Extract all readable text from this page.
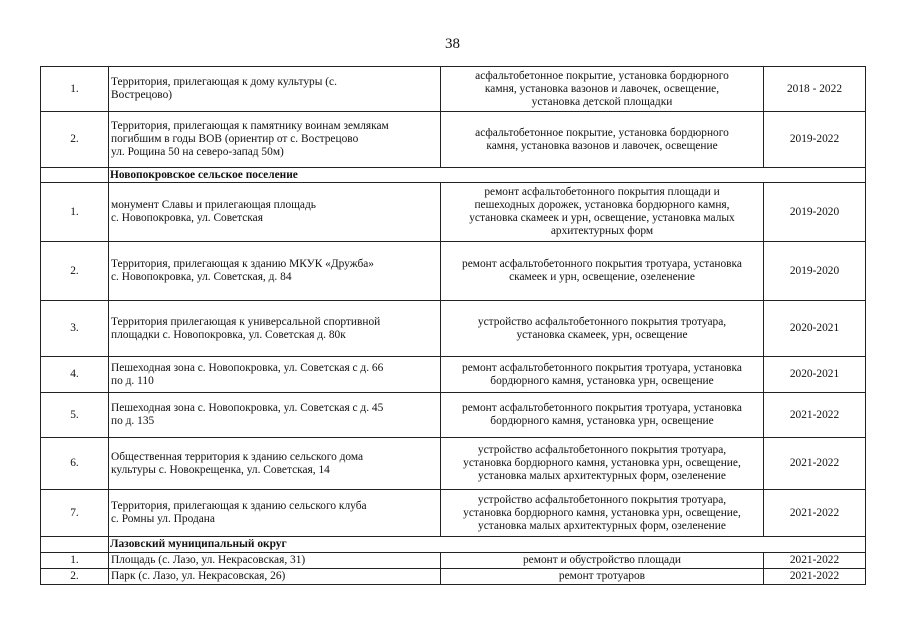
38
1.	Территория, прилегающая к дому культуры (с.
Вострецово)	асфальтобетонное покрытие, установка бордюрного
камня, установка вазонов и лавочек, освещение,
установка детской площадки	2018 - 2022
2.	Территория, прилегающая к памятнику воинам землякам
погибшим в годы ВОВ (ориентир от с. Вострецово
ул. Рощина 50 на северо-запад 50м)	асфальтобетонное покрытие, установка бордюрного
камня, установка вазонов и лавочек, освещение	2019-2022
	Новопокровское сельское поселение		
1.	монумент Славы и прилегающая площадь
с. Новопокровка, ул. Советская	ремонт асфальтобетонного покрытия площади и
пешеходных дорожек, установка бордюрного камня,
установка скамеек и урн, освещение, установка малых
архитектурных форм	2019-2020
2.	Территория, прилегающая к зданию МКУК «Дружба»
с. Новопокровка, ул. Советская, д. 84	ремонт асфальтобетонного покрытия тротуара, установка
скамеек и урн, освещение, озеленение	2019-2020
3.	Территория прилегающая к универсальной спортивной
площадки с. Новопокровка, ул. Советская д. 80к	устройство асфальтобетонного покрытия тротуара,
установка скамеек, урн, освещение	2020-2021
4.	Пешеходная зона с. Новопокровка, ул. Советская с д. 66
по д. 110	ремонт асфальтобетонного покрытия тротуара, установка
бордюрного камня, установка урн, освещение	2020-2021
5.	Пешеходная зона с. Новопокровка, ул. Советская с д. 45
по д. 135	ремонт асфальтобетонного покрытия тротуара, установка
бордюрного камня, установка урн, освещение	2021-2022
6.	Общественная территория к зданию сельского дома
культуры с. Новокрещенка, ул. Советская, 14	устройство асфальтобетонного покрытия тротуара,
установка бордюрного камня, установка урн, освещение,
установка малых архитектурных форм, озеленение	2021-2022
7.	Территория, прилегающая к зданию сельского клуба
с. Ромны ул. Продана	устройство асфальтобетонного покрытия тротуара,
установка бордюрного камня, установка урн, освещение,
установка малых архитектурных форм, озеленение	2021-2022
	Лазовский муниципальный округ		
1.	Площадь (с. Лазо, ул. Некрасовская, 31)	ремонт и обустройство площади	2021-2022
2.	Парк (с. Лазо, ул. Некрасовская, 26)	ремонт тротуаров	2021-2022
